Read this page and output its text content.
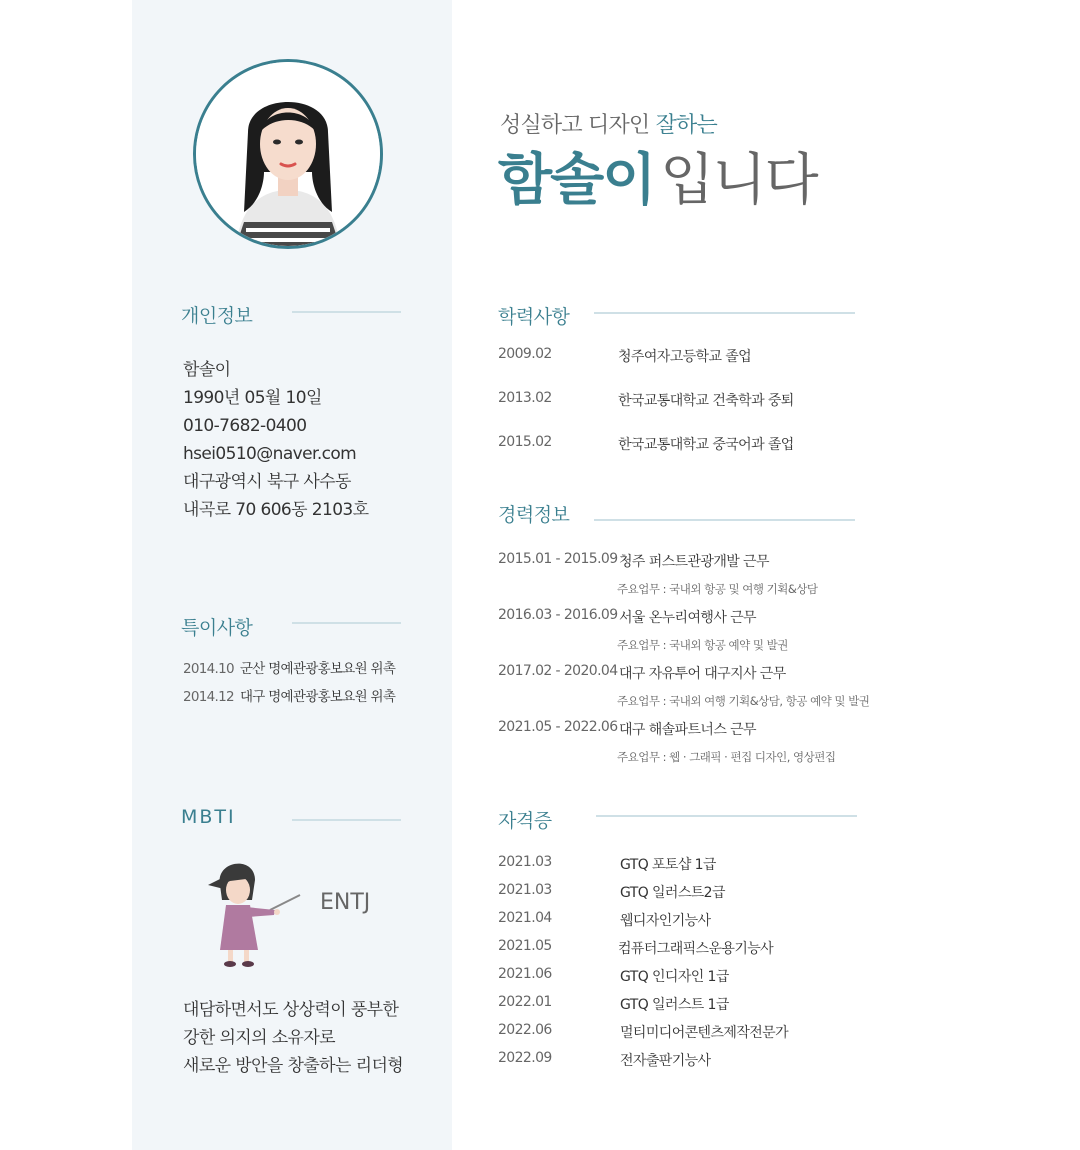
개인정보
함솔이
1990년 05월 10일
010-7682-0400
hsei0510@naver.com
대구광역시 북구 사수동
내곡로 70 606동 2103호
특이사항
2014.10 군산 명예관광홍보요원 위촉
2014.12 대구 명예관광홍보요원 위촉
MBTI
ENTJ
대담하면서도 상상력이 풍부한
강한 의지의 소유자로
새로운 방안을 창출하는 리더형
성실하고 디자인 잘하는
함솔이 입니다
학력사항
2009.02	청주여자고등학교 졸업
2013.02	한국교통대학교 건축학과 중퇴
2015.02	한국교통대학교 중국어과 졸업
경력정보
2015.01 - 2015.09 청주 퍼스트관광개발 근무
주요업무 : 국내외 항공 및 여행 기획&상담
2016.03 - 2016.09 서울 온누리여행사 근무
주요업무 : 국내외 항공 예약 및 발권
2017.02 - 2020.04 대구 자유투어 대구지사 근무
주요업무 : 국내외 여행 기획&상담, 항공 예약 및 발권
2021.05 - 2022.06 대구 해솔파트너스 근무
주요업무 : 웹 · 그래픽 · 편집 디자인, 영상편집
자격증
2021.03	GTQ 포토샵 1급
2021.03	GTQ 일러스트2급
2021.04	웹디자인기능사
2021.05	컴퓨터그래픽스운용기능사
2021.06	GTQ 인디자인 1급
2022.01	GTQ 일러스트 1급
2022.06	멀티미디어콘텐츠제작전문가
2022.09	전자출판기능사
